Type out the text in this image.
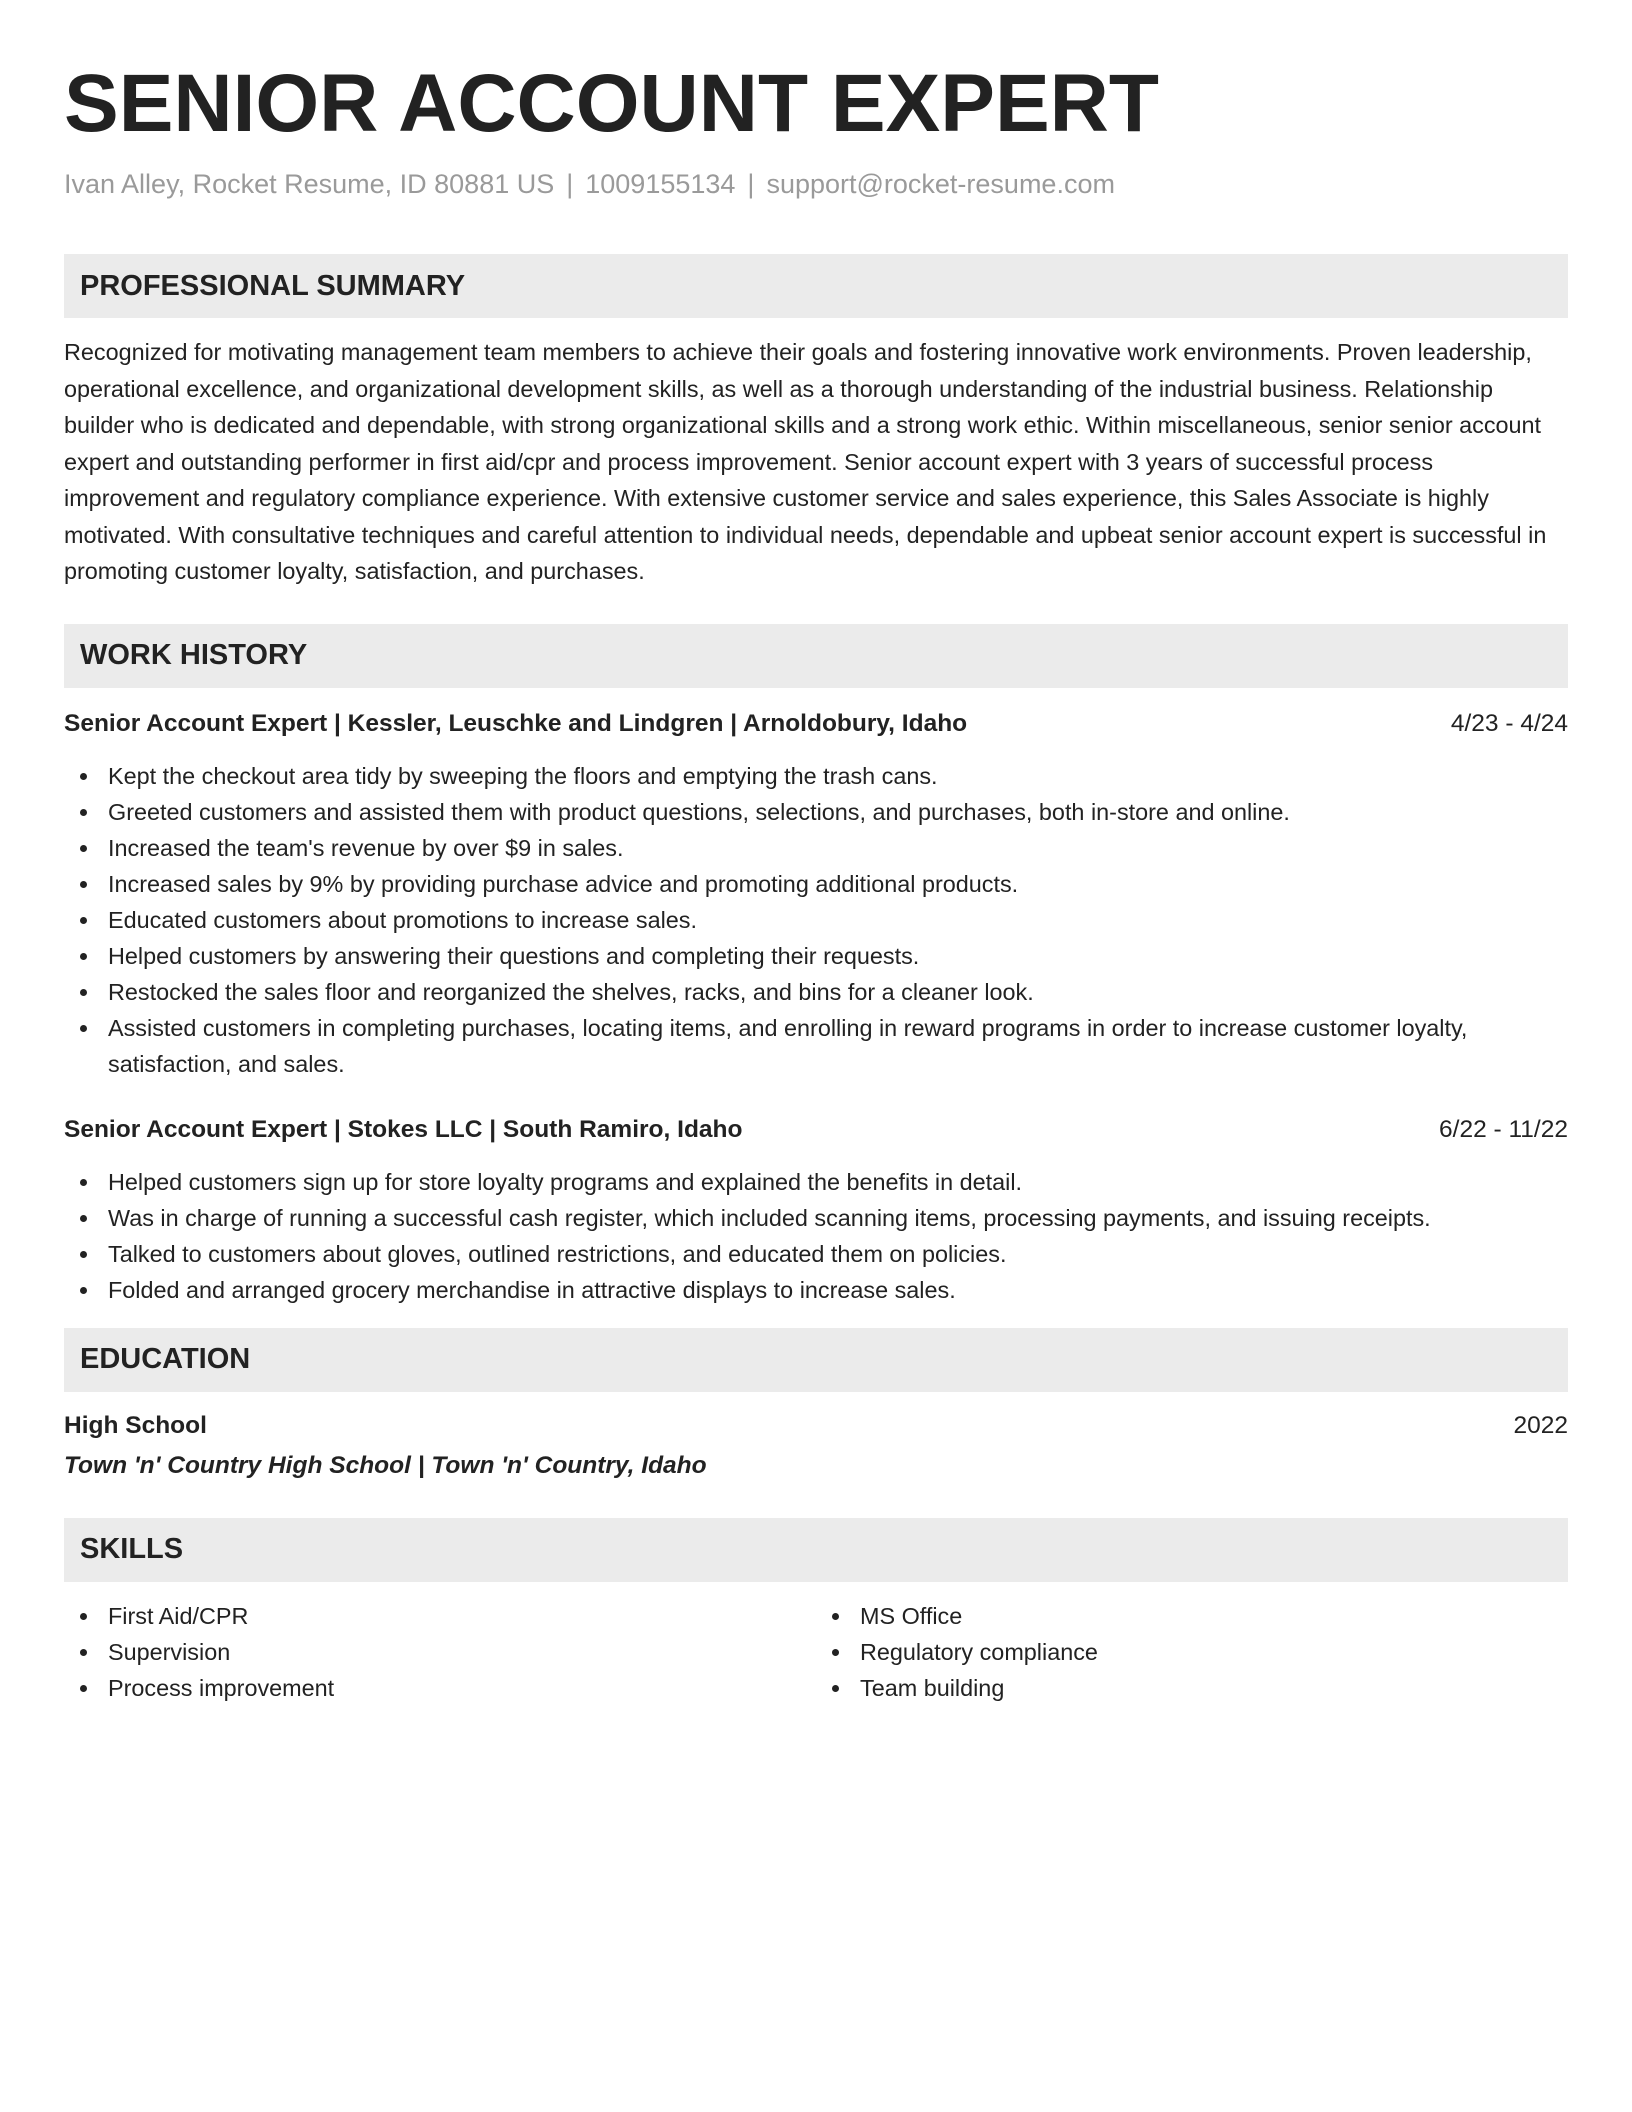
SENIOR ACCOUNT EXPERT
Ivan Alley, Rocket Resume, ID 80881 US | 1009155134 | support@rocket-resume.com
PROFESSIONAL SUMMARY

Recognized for motivating management team members to achieve their goals and fostering innovative work environments. Proven leadership, operational excellence, and organizational development skills, as well as a thorough understanding of the industrial business. Relationship builder who is dedicated and dependable, with strong organizational skills and a strong work ethic. Within miscellaneous, senior senior account expert and outstanding performer in first aid/cpr and process improvement. Senior account expert with 3 years of successful process improvement and regulatory compliance experience. With extensive customer service and sales experience, this Sales Associate is highly motivated. With consultative techniques and careful attention to individual needs, dependable and upbeat senior account expert is successful in promoting customer loyalty, satisfaction, and purchases.

WORK HISTORY
Senior Account Expert | Kessler, Leuschke and Lindgren | Arnoldobury, Idaho	4/23 - 4/24
Kept the checkout area tidy by sweeping the floors and emptying the trash cans.
Greeted customers and assisted them with product questions, selections, and purchases, both in-store and online.
Increased the team's revenue by over $9 in sales.
Increased sales by 9% by providing purchase advice and promoting additional products.
Educated customers about promotions to increase sales.
Helped customers by answering their questions and completing their requests.
Restocked the sales floor and reorganized the shelves, racks, and bins for a cleaner look.
Assisted customers in completing purchases, locating items, and enrolling in reward programs in order to increase customer loyalty, satisfaction, and sales.
Senior Account Expert | Stokes LLC | South Ramiro, Idaho	6/22 - 11/22
Helped customers sign up for store loyalty programs and explained the benefits in detail.
Was in charge of running a successful cash register, which included scanning items, processing payments, and issuing receipts.
Talked to customers about gloves, outlined restrictions, and educated them on policies.
Folded and arranged grocery merchandise in attractive displays to increase sales.
EDUCATION
High School	2022
Town 'n' Country High School | Town 'n' Country, Idaho
SKILLS
First Aid/CPR
Supervision
Process improvement
MS Office
Regulatory compliance
Team building
